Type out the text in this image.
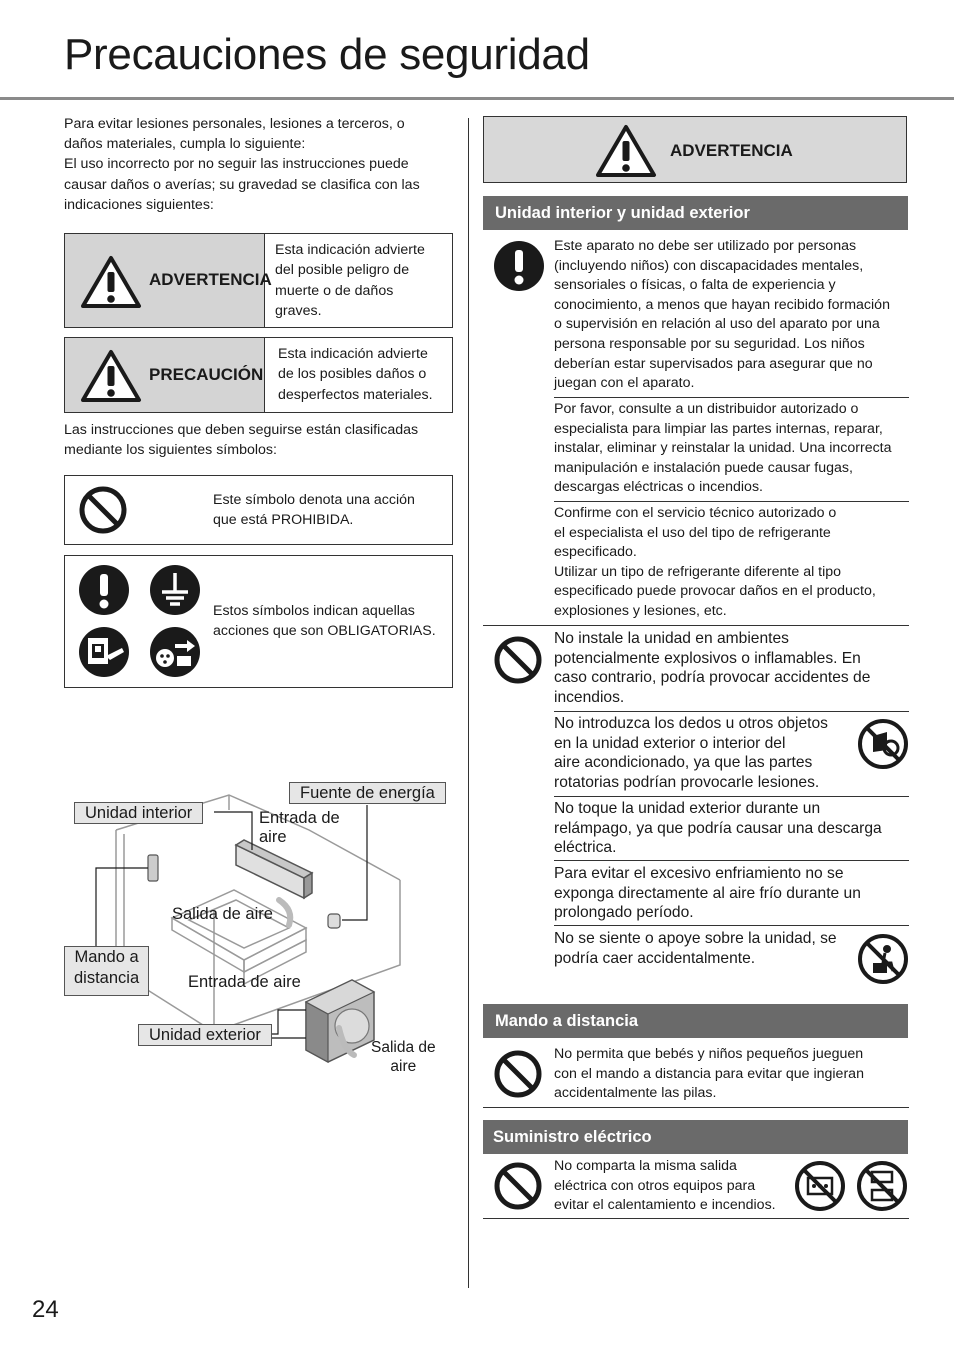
Precauciones de seguridad
Para evitar lesiones personales, lesiones a terceros, o
daños materiales, cumpla lo siguiente:
El uso incorrecto por no seguir las instrucciones puede
causar daños o averías; su gravedad se clasifica con las
indicaciones siguientes:
ADVERTENCIA
Esta indicación advierte
del posible peligro de
muerte o de daños
graves.
PRECAUCIÓN
Esta indicación advierte
de los posibles daños o
desperfectos materiales.
Las instrucciones que deben seguirse están clasificadas
mediante los siguientes símbolos:
Este símbolo denota una acción
que está PROHIBIDA.
Estos símbolos indican aquellas
acciones que son OBLIGATORIAS.
Unidad interior
Fuente de energía
Entrada de
aire
Salida de aire
Mando a
distancia	Entrada de aire
Unidad exterior
Salida de
aire
ADVERTENCIA
Unidad interior y unidad exterior
Este aparato no debe ser utilizado por personas
(incluyendo niños) con discapacidades mentales,
sensoriales o físicas, o falta de experiencia y
conocimiento, a menos que hayan recibido formación
o supervisión en relación al uso del aparato por una
persona responsable por su seguridad. Los niños
deberían estar supervisados para asegurar que no
juegan con el aparato.
Por favor, consulte a un distribuidor autorizado o
especialista para limpiar las partes internas, reparar,
instalar, eliminar y reinstalar la unidad. Una incorrecta
manipulación e instalación puede causar fugas,
descargas eléctricas o incendios.
Confirme con el servicio técnico autorizado o
el especialista el uso del tipo de refrigerante
especificado.
Utilizar un tipo de refrigerante diferente al tipo
especificado puede provocar daños en el producto,
explosiones y lesiones, etc.
No instale la unidad en ambientes
potencialmente explosivos o inflamables. En
caso contrario, podría provocar accidentes de
incendios.
No introduzca los dedos u otros objetos
en la unidad exterior o interior del
aire acondicionado, ya que las partes
rotatorias podrían provocarle lesiones.
No toque la unidad exterior durante un
relámpago, ya que podría causar una descarga
eléctrica.
Para evitar el excesivo enfriamiento no se
exponga directamente al aire frío durante un
prolongado período.
No se siente o apoye sobre la unidad, se
podría caer accidentalmente.
Mando a distancia
No permita que bebés y niños pequeños jueguen
con el mando a distancia para evitar que ingieran
accidentalmente las pilas.
Suministro eléctrico
No comparta la misma salida
eléctrica con otros equipos para
evitar el calentamiento e incendios.
24
